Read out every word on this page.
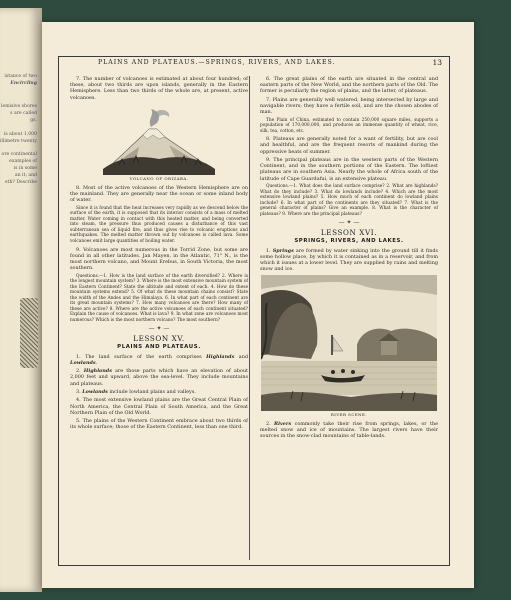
istance of two
Encircling
lemisive shores
s are called
gs.
is about 1,000
illimetre twenty
ore continental
examples of
is in some
an it; and
eth? Describe
PLAINS AND PLATEAUS.—SPRINGS, RIVERS, AND LAKES.	13

7. The number of volcanoes is estimated at about four hundred; of these, about two thirds are upon islands, generally in the Eastern Hemisphere. Less than two thirds of the whole are, at present, active volcanoes.

VOLCANO OF ORIZABA.

8. Most of the active volcanoes of the Western Hemisphere are on the mainland. They are generally near the ocean or some inland body of water.

Since it is found that the heat increases very rapidly as we descend below the surface of the earth, it is supposed that its interior consists of a mass of melted matter. Water coming in contact with this heated matter, and being converted into steam, the pressure thus produced causes a disturbance of this vast subterranean sea of liquid fire, and thus gives rise to volcanic eruptions and earthquakes. The melted matter thrown out by volcanoes is called lava. Some volcanoes emit large quantities of boiling water.

9. Volcanoes are most numerous in the Torrid Zone, but some are found in all other latitudes. Jan Mayen, in the Atlantic, 71° N., is the most northern volcano, and Mount Erebus, in South Victoria, the most southern.

Questions.—1. How is the land surface of the earth diversified? 2. Where is the longest mountain system? 3. Where is the most extensive mountain system of the Eastern Continent? State the altitude and extent of each. 4. How do these mountain systems extend? 5. Of what do these mountain chains consist? State the width of the Andes and the Himalaya. 6. In what part of each continent are its great mountain systems? 7. How many volcanoes are there? How many of these are active? 8. Where are the active volcanoes of each continent situated? Explain the cause of volcanoes. What is lava? 9. In what zone are volcanoes most numerous? Which is the most northern volcano? The most southern?

— ✦ —
LESSON XV.
PLAINS AND PLATEAUS.

1. The land surface of the earth comprises Highlands and Lowlands.

2. Highlands are those parts which have an elevation of about 2,000 feet and upward, above the sea-level. They include mountains and plateaus.

3. Lowlands include lowland plains and valleys.

4. The most extensive lowland plains are the Great Central Plain of North America, the Central Plain of South America, and the Great Northern Plain of the Old World.

5. The plains of the Western Continent embrace about two thirds of its whole surface; those of the Eastern Continent, less than one third.

6. The great plains of the earth are situated in the central and eastern parts of the New World, and the northern parts of the Old. The former is peculiarly the region of plains, and the latter, of plateaus.

7. Plains are generally well watered, being intersected by large and navigable rivers; they have a fertile soil, and are the chosen abodes of man.

The Plain of China, estimated to contain 250,000 square miles, supports a population of 170,000,000, and produces an immense quantity of wheat, rice, silk, tea, cotton, etc.

8. Plateaus are generally noted for a want of fertility, but are cool and healthful, and are the frequent resorts of mankind during the oppressive heats of summer.

9. The principal plateaus are in the western parts of the Western Continent, and in the southern portions of the Eastern. The loftiest plateaus are in southern Asia. Nearly the whole of Africa south of the latitude of Cape Guardafui, is an extensive plateau.

Questions.—1. What does the land surface comprise? 2. What are highlands? What do they include? 3. What do lowlands include? 4. Which are the most extensive lowland plains? 5. How much of each continent do lowland plains include? 6. In what part of the continents are they situated? 7. What is the general character of plains? Give an example. 8. What is the character of plateaus? 9. Where are the principal plateaus?

— ✦ —
LESSON XVI.
SPRINGS, RIVERS, AND LAKES.

1. Springs are formed by water sinking into the ground till it finds some hollow place, by which it is contained as in a reservoir, and from which it issues at a lower level. They are supplied by rains and melting snow and ice.

RIVER SCENE.

2. Rivers commonly take their rise from springs, lakes, or the melted snow and ice of mountains. The largest rivers have their sources in the snow-clad mountains of table-lands.
